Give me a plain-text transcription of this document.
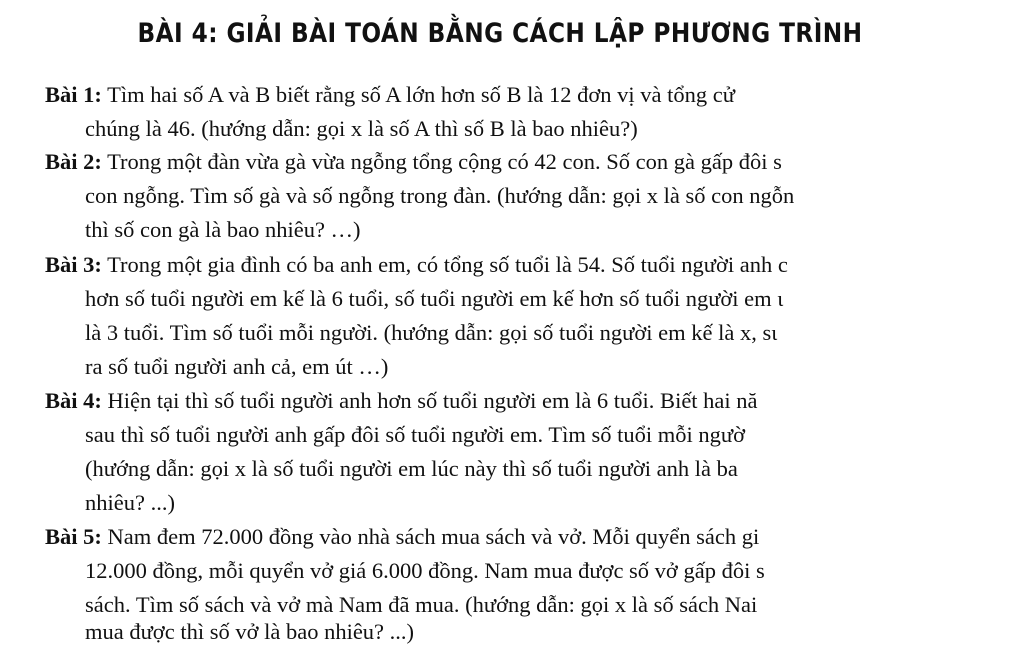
BÀI 4: GIẢI BÀI TOÁN BẰNG CÁCH LẬP PHƯƠNG TRÌNH
Bài 1: Tìm hai số A và B biết rằng số A lớn hơn số B là 12 đơn vị và tổng cử
chúng là 46. (hướng dẫn: gọi x là số A thì số B là bao nhiêu?)
Bài 2: Trong một đàn vừa gà vừa ngỗng tổng cộng có 42 con. Số con gà gấp đôi s
con ngỗng. Tìm số gà và số ngỗng trong đàn. (hướng dẫn: gọi x là số con ngỗn
thì số con gà là bao nhiêu? …)
Bài 3: Trong một gia đình có ba anh em, có tổng số tuổi là 54. Số tuổi người anh c
hơn số tuổi người em kế là 6 tuổi, số tuổi người em kế hơn số tuổi người em ι
là 3 tuổi. Tìm số tuổi mỗi người. (hướng dẫn: gọi số tuổi người em kế là x, sι
ra số tuổi người anh cả, em út …)
Bài 4: Hiện tại thì số tuổi người anh hơn số tuổi người em là 6 tuổi. Biết hai nă
sau thì số tuổi người anh gấp đôi số tuổi người em. Tìm số tuổi mỗi ngườ
(hướng dẫn: gọi x là số tuổi người em lúc này thì số tuổi người anh là ba
nhiêu? ...)
Bài 5: Nam đem 72.000 đồng vào nhà sách mua sách và vở. Mỗi quyển sách gi
12.000 đồng, mỗi quyển vở giá 6.000 đồng. Nam mua được số vở gấp đôi s
sách. Tìm số sách và vở mà Nam đã mua. (hướng dẫn: gọi x là số sách Nai
mua được thì số vở là bao nhiêu? ...)
